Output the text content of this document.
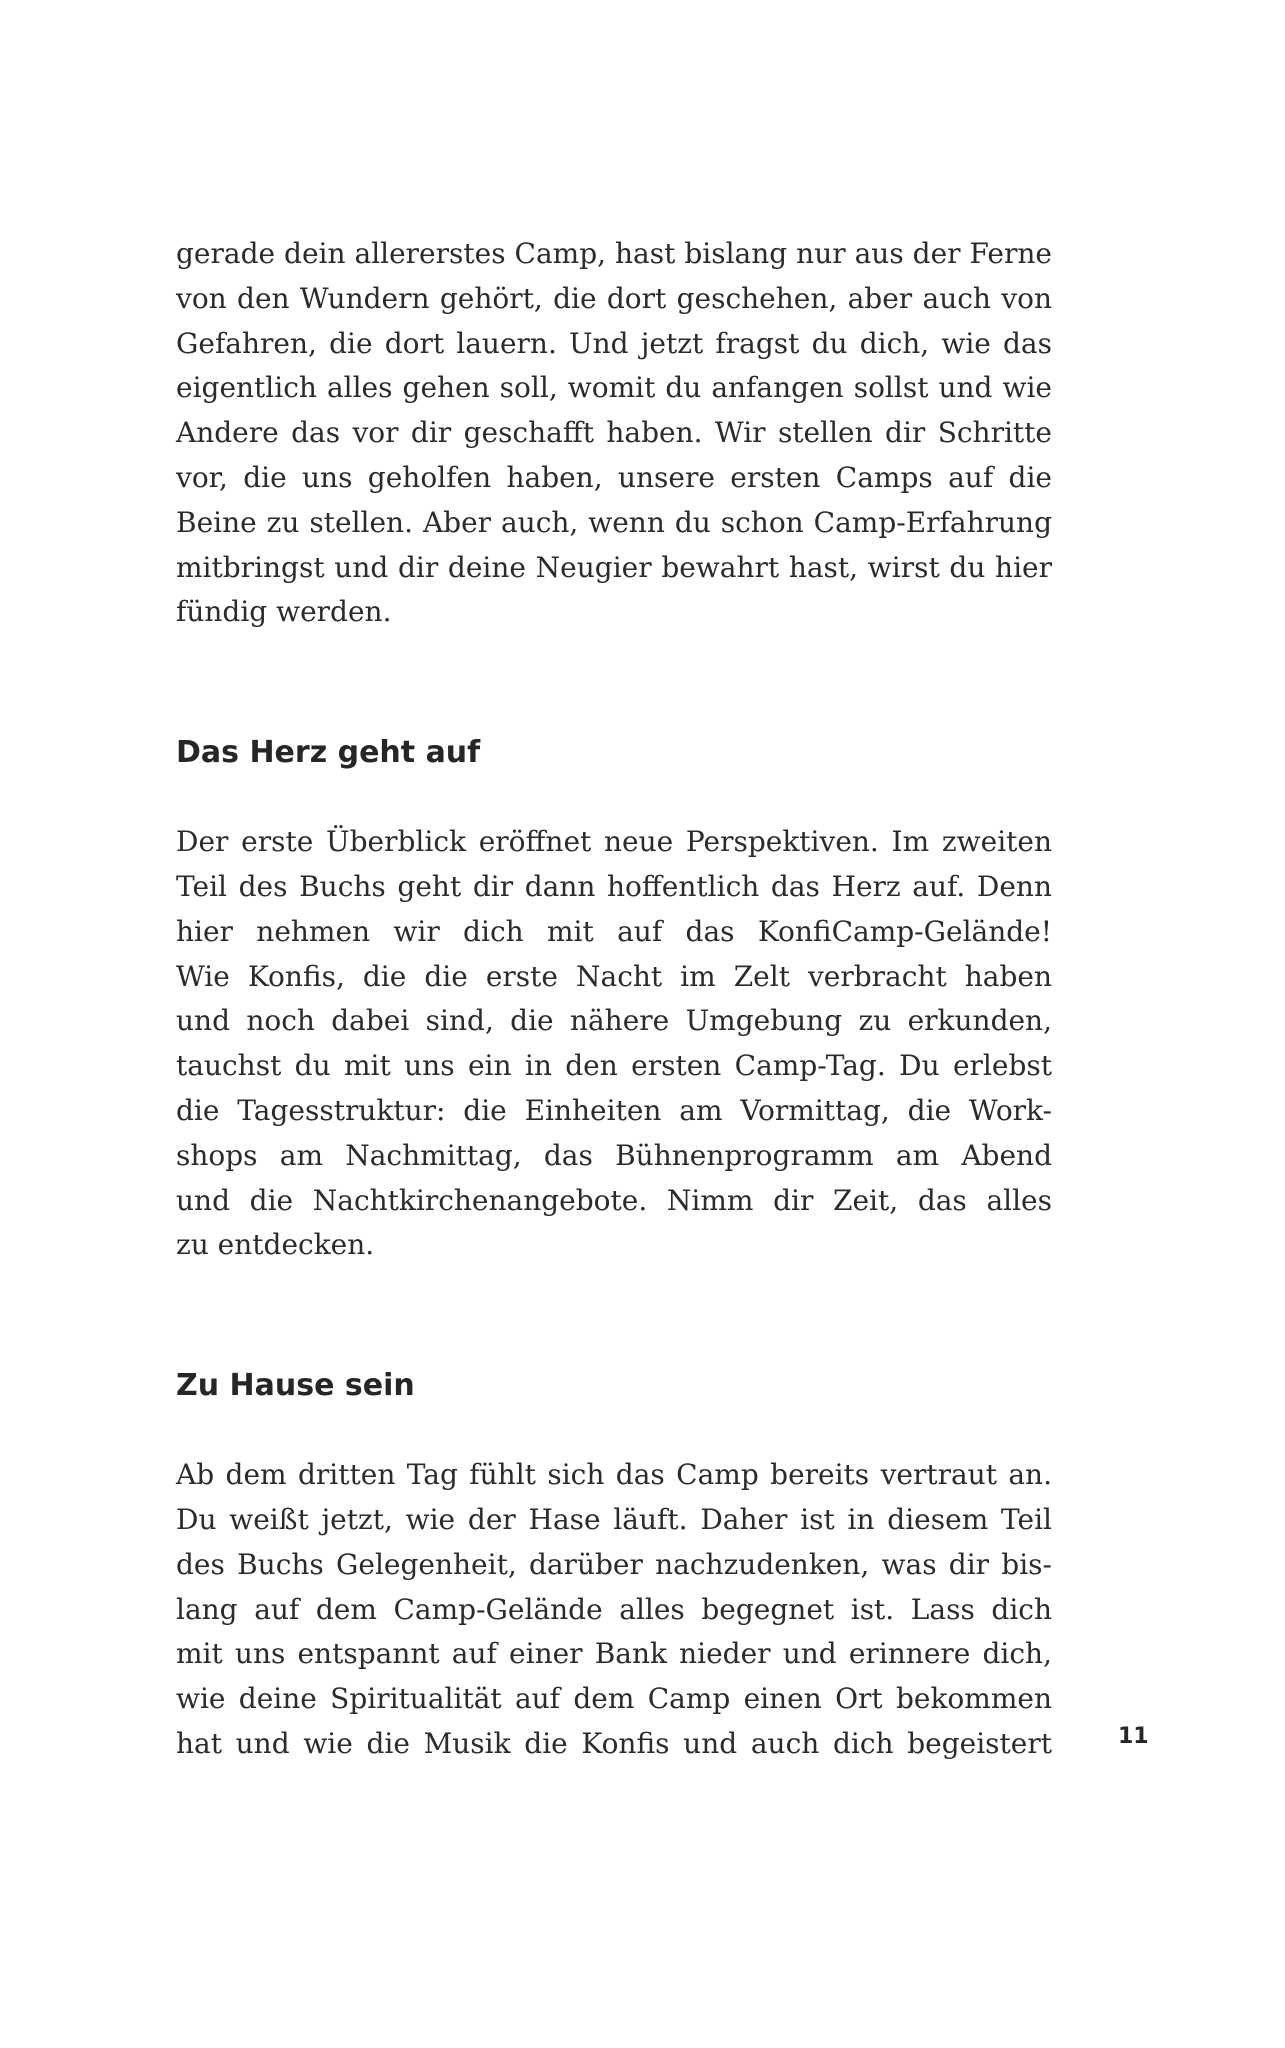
gerade dein allererstes Camp, hast bislang nur aus der Ferne
von den Wundern gehört, die dort geschehen, aber auch von
Gefahren, die dort lauern. Und jetzt fragst du dich, wie das
eigentlich alles gehen soll, womit du anfangen sollst und wie
Andere das vor dir geschafft haben. Wir stellen dir Schritte
vor, die uns geholfen haben, unsere ersten Camps auf die
Beine zu stellen. Aber auch, wenn du schon Camp-Erfahrung
mitbringst und dir deine Neugier bewahrt hast, wirst du hier
fündig werden.

Das Herz geht auf

Der erste Überblick eröffnet neue Perspektiven. Im zweiten
Teil des Buchs geht dir dann hoffentlich das Herz auf. Denn
hier nehmen wir dich mit auf das KonfiCamp-Gelände!
Wie Konfis, die die erste Nacht im Zelt verbracht haben
und noch dabei sind, die nähere Umgebung zu erkunden,
tauchst du mit uns ein in den ersten Camp-Tag. Du erlebst
die Tagesstruktur: die Einheiten am Vormittag, die Work-
shops am Nachmittag, das Bühnenprogramm am Abend
und die Nachtkirchenangebote. Nimm dir Zeit, das alles
zu entdecken.

Zu Hause sein

Ab dem dritten Tag fühlt sich das Camp bereits vertraut an.
Du weißt jetzt, wie der Hase läuft. Daher ist in diesem Teil
des Buchs Gelegenheit, darüber nachzudenken, was dir bis-
lang auf dem Camp-Gelände alles begegnet ist. Lass dich
mit uns entspannt auf einer Bank nieder und erinnere dich,
wie deine Spiritualität auf dem Camp einen Ort bekommen
hat und wie die Musik die Konfis und auch dich begeistert	11
